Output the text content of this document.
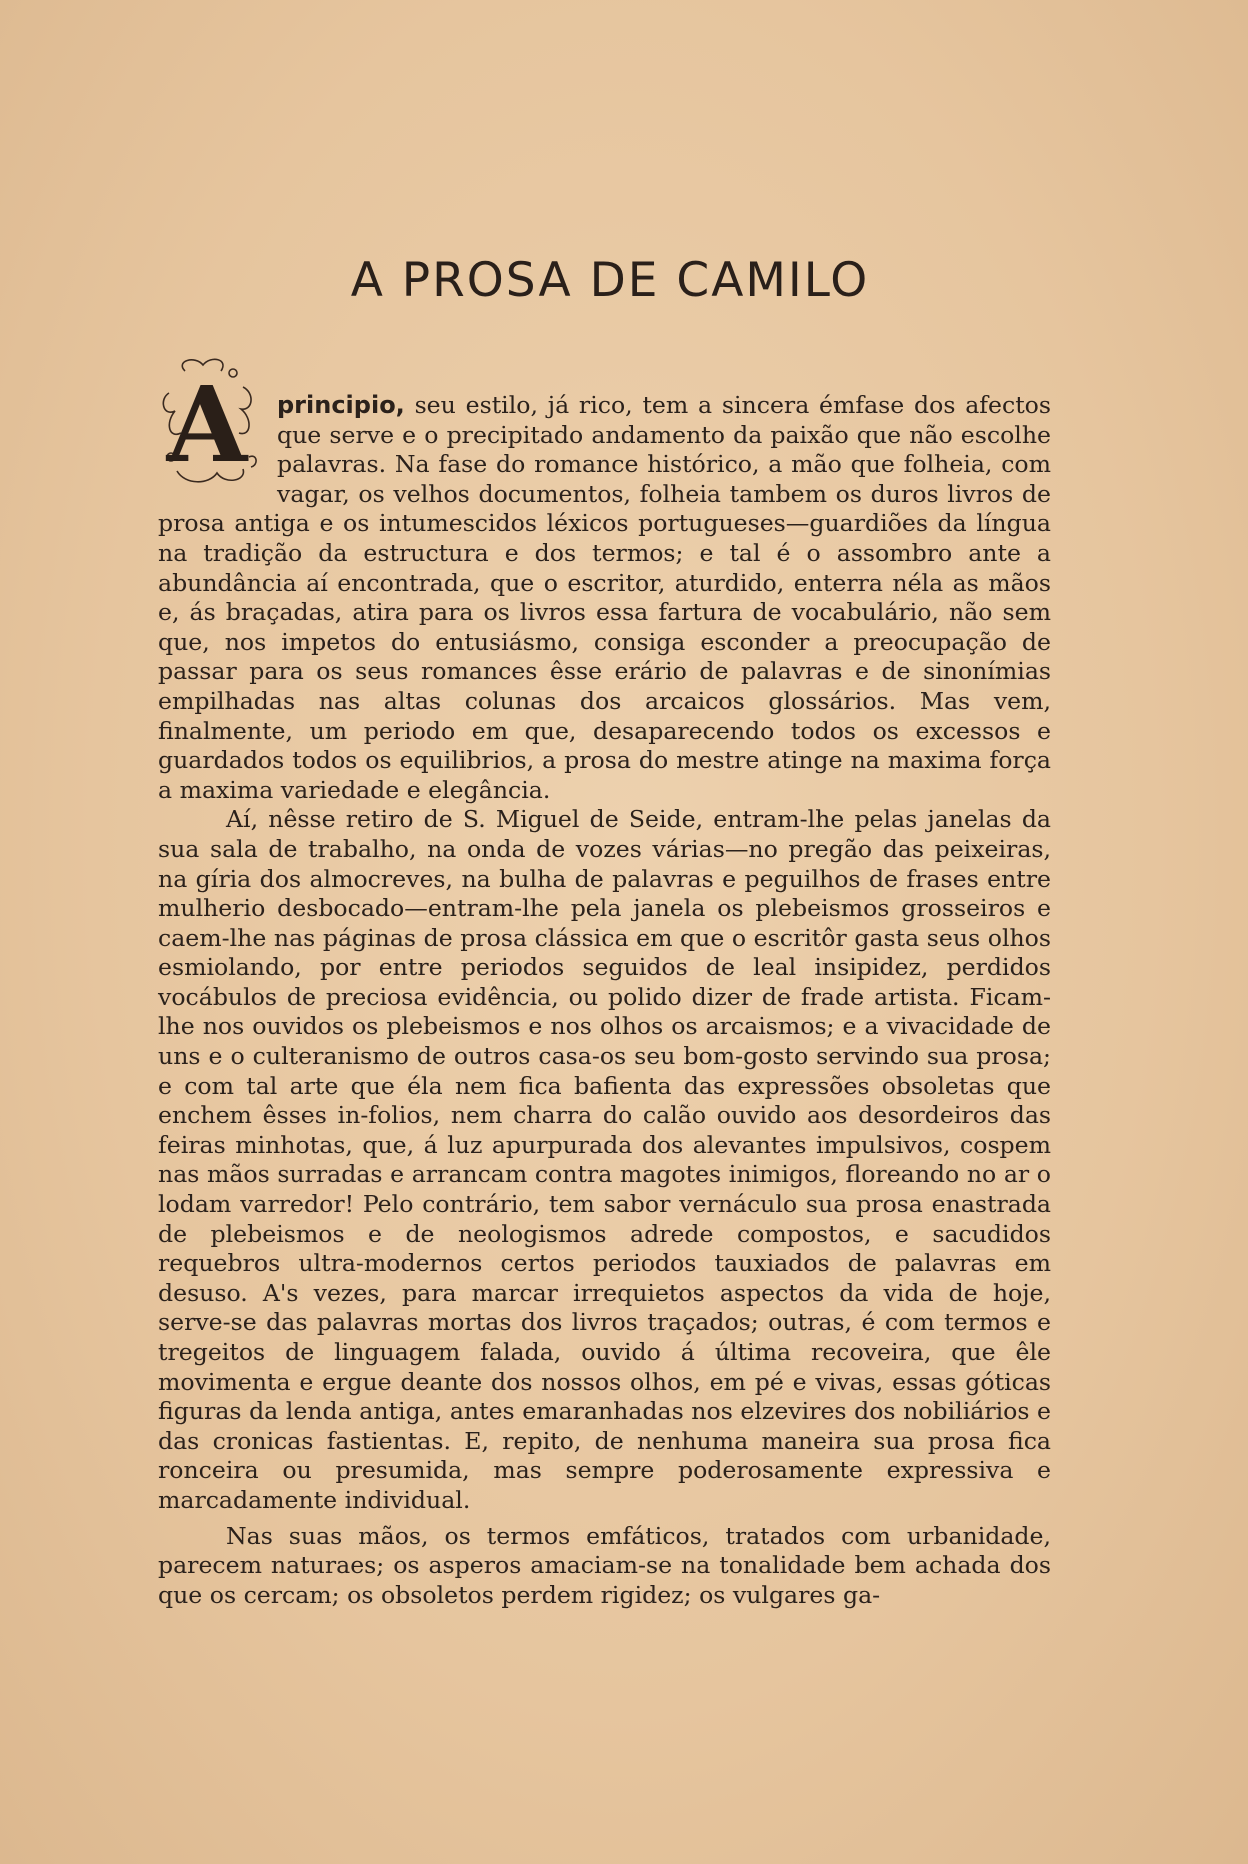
A PROSA DE CAMILO

A principio, seu estilo, já rico, tem a sincera émfase dos afectos que serve e o precipitado andamento da paixão que não escolhe palavras. Na fase do romance histórico, a mão que folheia, com vagar, os velhos documentos, folheia tambem os duros livros de prosa antiga e os intumescidos léxicos portugueses—guardiões da língua na tradição da estructura e dos termos; e tal é o assombro ante a abundância aí encontrada, que o escritor, aturdido, enterra néla as mãos e, ás braçadas, atira para os livros essa fartura de vocabulário, não sem que, nos impetos do entusiásmo, consiga esconder a preocupação de passar para os seus romances êsse erário de palavras e de sinonímias empilhadas nas altas colunas dos arcaicos glossários. Mas vem, finalmente, um periodo em que, desaparecendo todos os excessos e guardados todos os equilibrios, a prosa do mestre atinge na maxima força a maxima variedade e elegância.

Aí, nêsse retiro de S. Miguel de Seide, entram-lhe pelas janelas da sua sala de trabalho, na onda de vozes várias—no pregão das peixeiras, na gíria dos almocreves, na bulha de palavras e peguilhos de frases entre mulherio desbocado—entram-lhe pela janela os plebeismos grosseiros e caem-lhe nas páginas de prosa clássica em que o escritôr gasta seus olhos esmiolando, por entre periodos seguidos de leal insipidez, perdidos vocábulos de preciosa evidência, ou polido dizer de frade artista. Ficam-lhe nos ouvidos os plebeismos e nos olhos os arcaismos; e a vivacidade de uns e o culteranismo de outros casa-os seu bom-gosto servindo sua prosa; e com tal arte que éla nem fica bafienta das expressões obsoletas que enchem êsses in-folios, nem charra do calão ouvido aos desordeiros das feiras minhotas, que, á luz apurpurada dos alevantes impulsivos, cospem nas mãos surradas e arrancam contra magotes inimigos, floreando no ar o lodam varredor! Pelo contrário, tem sabor vernáculo sua prosa enastrada de plebeismos e de neologismos adrede compostos, e sacudidos requebros ultra-modernos certos periodos tauxiados de palavras em desuso. A's vezes, para marcar irrequietos aspectos da vida de hoje, serve-se das palavras mortas dos livros traçados; outras, é com termos e tregeitos de linguagem falada, ouvido á última recoveira, que êle movimenta e ergue deante dos nossos olhos, em pé e vivas, essas góticas figuras da lenda antiga, antes emaranhadas nos elzevires dos nobiliários e das cronicas fastientas. E, repito, de nenhuma maneira sua prosa fica ronceira ou presumida, mas sempre poderosamente expressiva e marcadamente individual.

Nas suas mãos, os termos emfáticos, tratados com urbanidade, parecem naturaes; os asperos amaciam-se na tonalidade bem achada dos que os cercam; os obsoletos perdem rigidez; os vulgares ga-
